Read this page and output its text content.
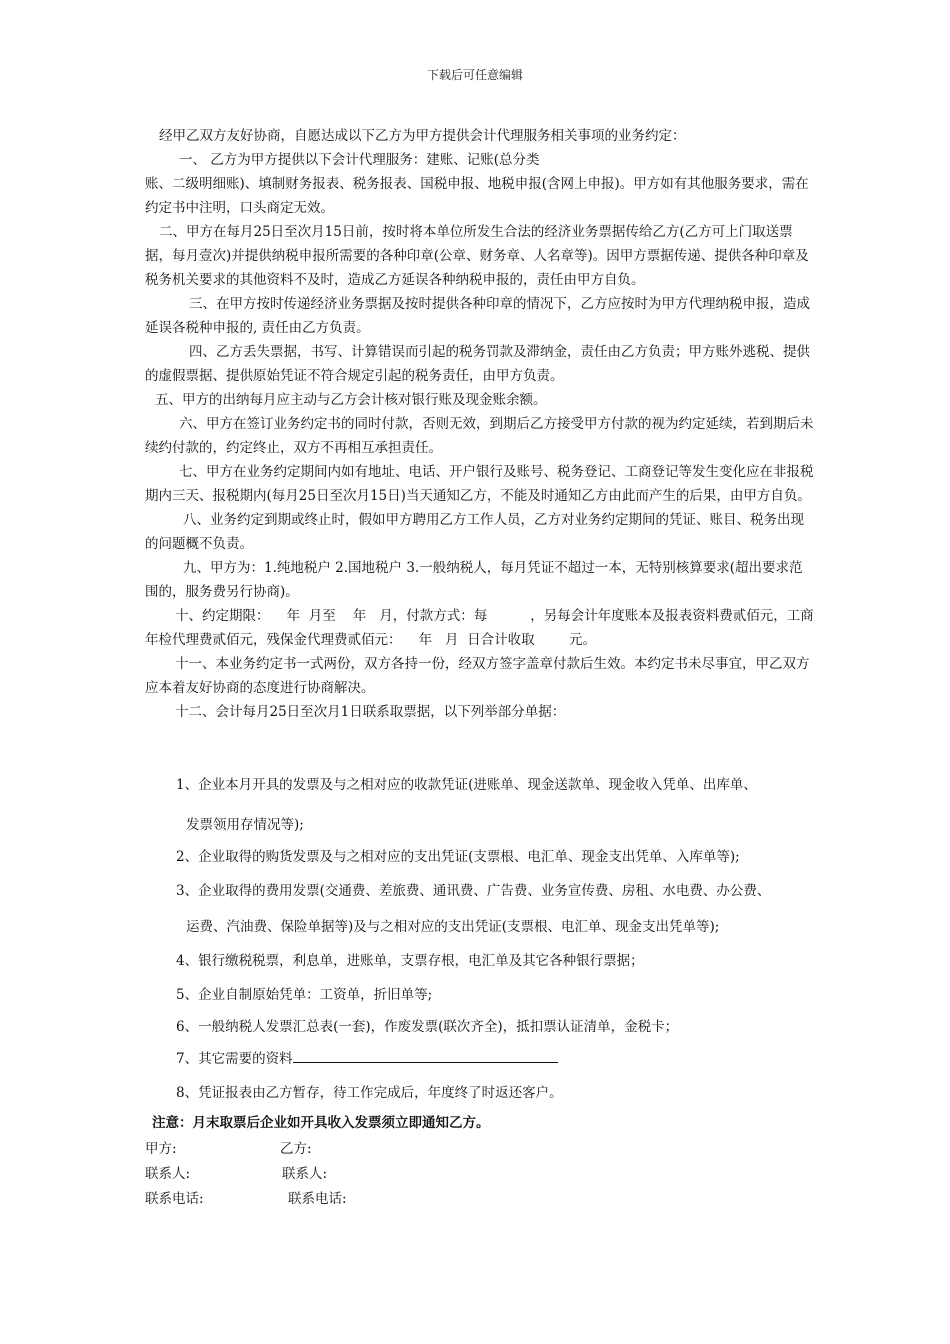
下载后可任意编辑

经甲乙双方友好协商，自愿达成以下乙方为甲方提供会计代理服务相关事项的业务约定：

一、 乙方为甲方提供以下会计代理服务：建账、记账(总分类

账、二级明细账)、填制财务报表、税务报表、国税申报、地税申报(含网上申报)。甲方如有其他服务要求，需在约定书中注明，口头商定无效。

二、甲方在每月25日至次月15日前，按时将本单位所发生合法的经济业务票据传给乙方(乙方可上门取送票据，每月壹次)并提供纳税申报所需要的各种印章(公章、财务章、人名章等)。因甲方票据传递、提供各种印章及税务机关要求的其他资料不及时，造成乙方延误各种纳税申报的，责任由甲方自负。

三、在甲方按时传递经济业务票据及按时提供各种印章的情况下，乙方应按时为甲方代理纳税申报，造成延误各税种申报的, 责任由乙方负责。

四、乙方丢失票据，书写、计算错误而引起的税务罚款及滞纳金，责任由乙方负责；甲方账外逃税、提供的虚假票据、提供原始凭证不符合规定引起的税务责任，由甲方负责。

五、甲方的出纳每月应主动与乙方会计核对银行账及现金账余额。

六、甲方在签订业务约定书的同时付款，否则无效，到期后乙方接受甲方付款的视为约定延续，若到期后未续约付款的，约定终止，双方不再相互承担责任。

七、甲方在业务约定期间内如有地址、电话、开户银行及账号、税务登记、工商登记等发生变化应在非报税期内三天、报税期内(每月25日至次月15日)当天通知乙方，不能及时通知乙方由此而产生的后果，由甲方自负。

八、业务约定到期或终止时，假如甲方聘用乙方工作人员，乙方对业务约定期间的凭证、账目、税务出现的问题概不负责。

九、甲方为：1.纯地税户 2.国地税户 3.一般纳税人，每月凭证不超过一本，无特别核算要求(超出要求范围的，服务费另行协商)。

十、约定期限：    年  月至    年   月，付款方式：每          ，另每会计年度账本及报表资料费贰佰元，工商年检代理费贰佰元，残保金代理费贰佰元：    年   月  日合计收取        元。

十一、本业务约定书一式两份，双方各持一份，经双方签字盖章付款后生效。本约定书未尽事宜，甲乙双方应本着友好协商的态度进行协商解决。

十二、会计每月25日至次月1日联系取票据，以下列举部分单据：

1、企业本月开具的发票及与之相对应的收款凭证(进账单、现金送款单、现金收入凭单、出库单、
发票领用存情况等);
2、企业取得的购货发票及与之相对应的支出凭证(支票根、电汇单、现金支出凭单、入库单等);
3、企业取得的费用发票(交通费、差旅费、通讯费、广告费、业务宣传费、房租、水电费、办公费、
运费、汽油费、保险单据等)及与之相对应的支出凭证(支票根、电汇单、现金支出凭单等);
4、银行缴税税票，利息单，进账单，支票存根，电汇单及其它各种银行票据；
5、企业自制原始凭单：工资单，折旧单等;
6、一般纳税人发票汇总表(一套)，作废发票(联次齐全)，抵扣票认证清单，金税卡；
7、其它需要的资料
8、凭证报表由乙方暂存，待工作完成后，年度终了时返还客户。
注意：月末取票后企业如开具收入发票须立即通知乙方。
甲方:	乙方:
联系人:	联系人:
联系电话:	联系电话:
